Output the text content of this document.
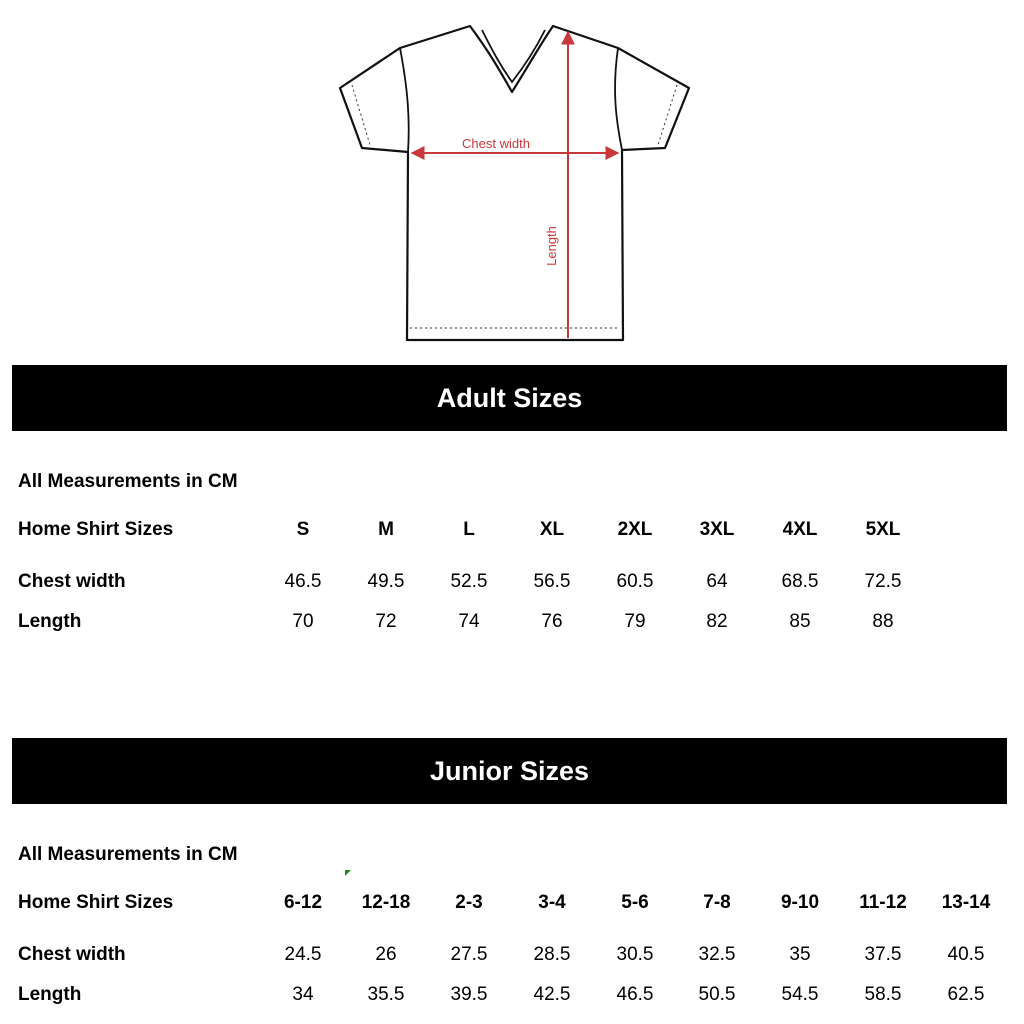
Chest width
Length
Adult Sizes
All Measurements in CM
Home Shirt Sizes	S	M	L	XL	2XL	3XL	4XL	5XL
Chest width	46.5	49.5	52.5	56.5	60.5	64	68.5	72.5
Length	70	72	74	76	79	82	85	88
Junior Sizes
All Measurements in CM
Home Shirt Sizes	6-12	12-18	2-3	3-4	5-6	7-8	9-10	11-12	13-14
Chest width	24.5	26	27.5	28.5	30.5	32.5	35	37.5	40.5
Length	34	35.5	39.5	42.5	46.5	50.5	54.5	58.5	62.5
